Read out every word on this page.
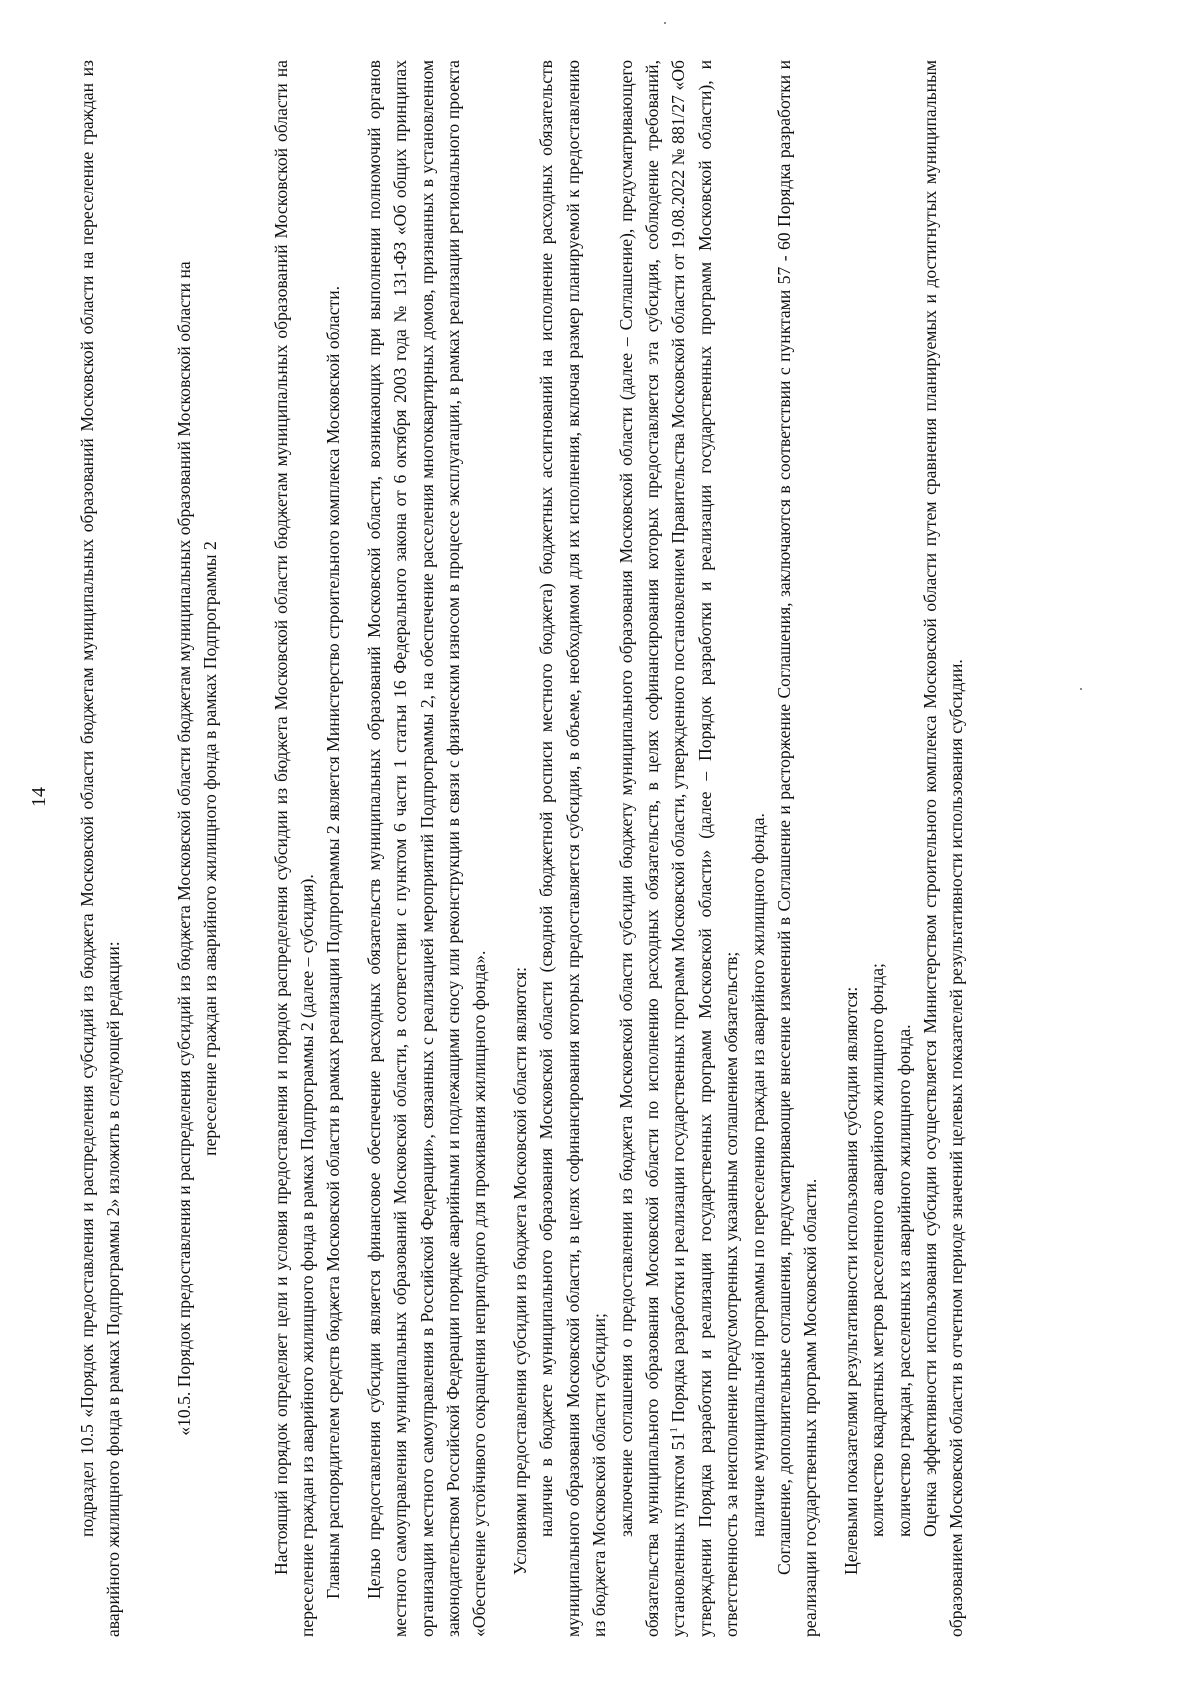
14 подраздел 10.5 «Порядок предоставления и распределения субсидий из бюджета Московской области бюджетам муниципальных образований Московской области на переселение граждан из аварийного жилищного фонда в рамках Подпрограммы 2» изложить в следующей редакции:	«10.5. Порядок предоставления и распределения субсидий из бюджета Московской области бюджетам муниципальных образований Московской области на переселение граждан из аварийного жилищного фонда в рамках Подпрограммы 2	Настоящий порядок определяет цели и условия предоставления и порядок распределения субсидии из бюджета Московской области бюджетам муниципальных образований Московской области на переселение граждан из аварийного жилищного фонда в рамках Подпрограммы 2 (далее – субсидия). Главным распорядителем средств бюджета Московской области в рамках реализации Подпрограммы 2 является Министерство строительного комплекса Московской области. Целью предоставления субсидии является финансовое обеспечение расходных обязательств муниципальных образований Московской области, возникающих при выполнении полномочий органов местного самоуправления муниципальных образований Московской области, в соответствии с пунктом 6 части 1 статьи 16 Федерального закона от 6 октября 2003 года № 131-ФЗ «Об общих принципах организации местного самоуправления в Российской Федерации», связанных с реализацией мероприятий Подпрограммы 2, на обеспечение расселения многоквартирных домов, признанных в установленном законодательством Российской Федерации порядке аварийными и подлежащими сносу или реконструкции в связи с физическим износом в процессе эксплуатации, в рамках реализации регионального проекта «Обеспечение устойчивого сокращения непригодного для проживания жилищного фонда». Условиями предоставления субсидии из бюджета Московской области являются: наличие в бюджете муниципального образования Московской области (сводной бюджетной росписи местного бюджета) бюджетных ассигнований на исполнение расходных обязательств муниципального образования Московской области, в целях софинансирования которых предоставляется субсидия, в объеме, необходимом для их исполнения, включая размер планируемой к предоставлению из бюджета Московской области субсидии; заключение соглашения о предоставлении из бюджета Московской области субсидии бюджету муниципального образования Московской области (далее – Соглашение), предусматривающего обязательства муниципального образования Московской области по исполнению расходных обязательств, в целях софинансирования которых предоставляется эта субсидия, соблюдение требований, установленных пунктом $51^1$ Порядка разработки и реализации государственных программ Московской области, утвержденного постановлением Правительства Московской области от 19.08.2022 № 881/27 «Об утверждении Порядка разработки и реализации государственных программ Московской области» (далее – Порядок разработки и реализации государственных программ Московской области), и ответственность за неисполнение предусмотренных указанным соглашением обязательств; наличие муниципальной программы по переселению граждан из аварийного жилищного фонда. Соглашение, дополнительные соглашения, предусматривающие внесение изменений в Соглашение и расторжение Соглашения, заключаются в соответствии с пунктами 57 - 60 Порядка разработки и реализации государственных программ Московской области. Целевыми показателями результативности использования субсидии являются: количество квадратных метров расселенного аварийного жилищного фонда; количество граждан, расселенных из аварийного жилищного фонда. Оценка эффективности использования субсидии осуществляется Министерством строительного комплекса Московской области путем сравнения планируемых и достигнутых муниципальным образованием Московской области в отчетном периоде значений целевых показателей результативности использования субсидии.
